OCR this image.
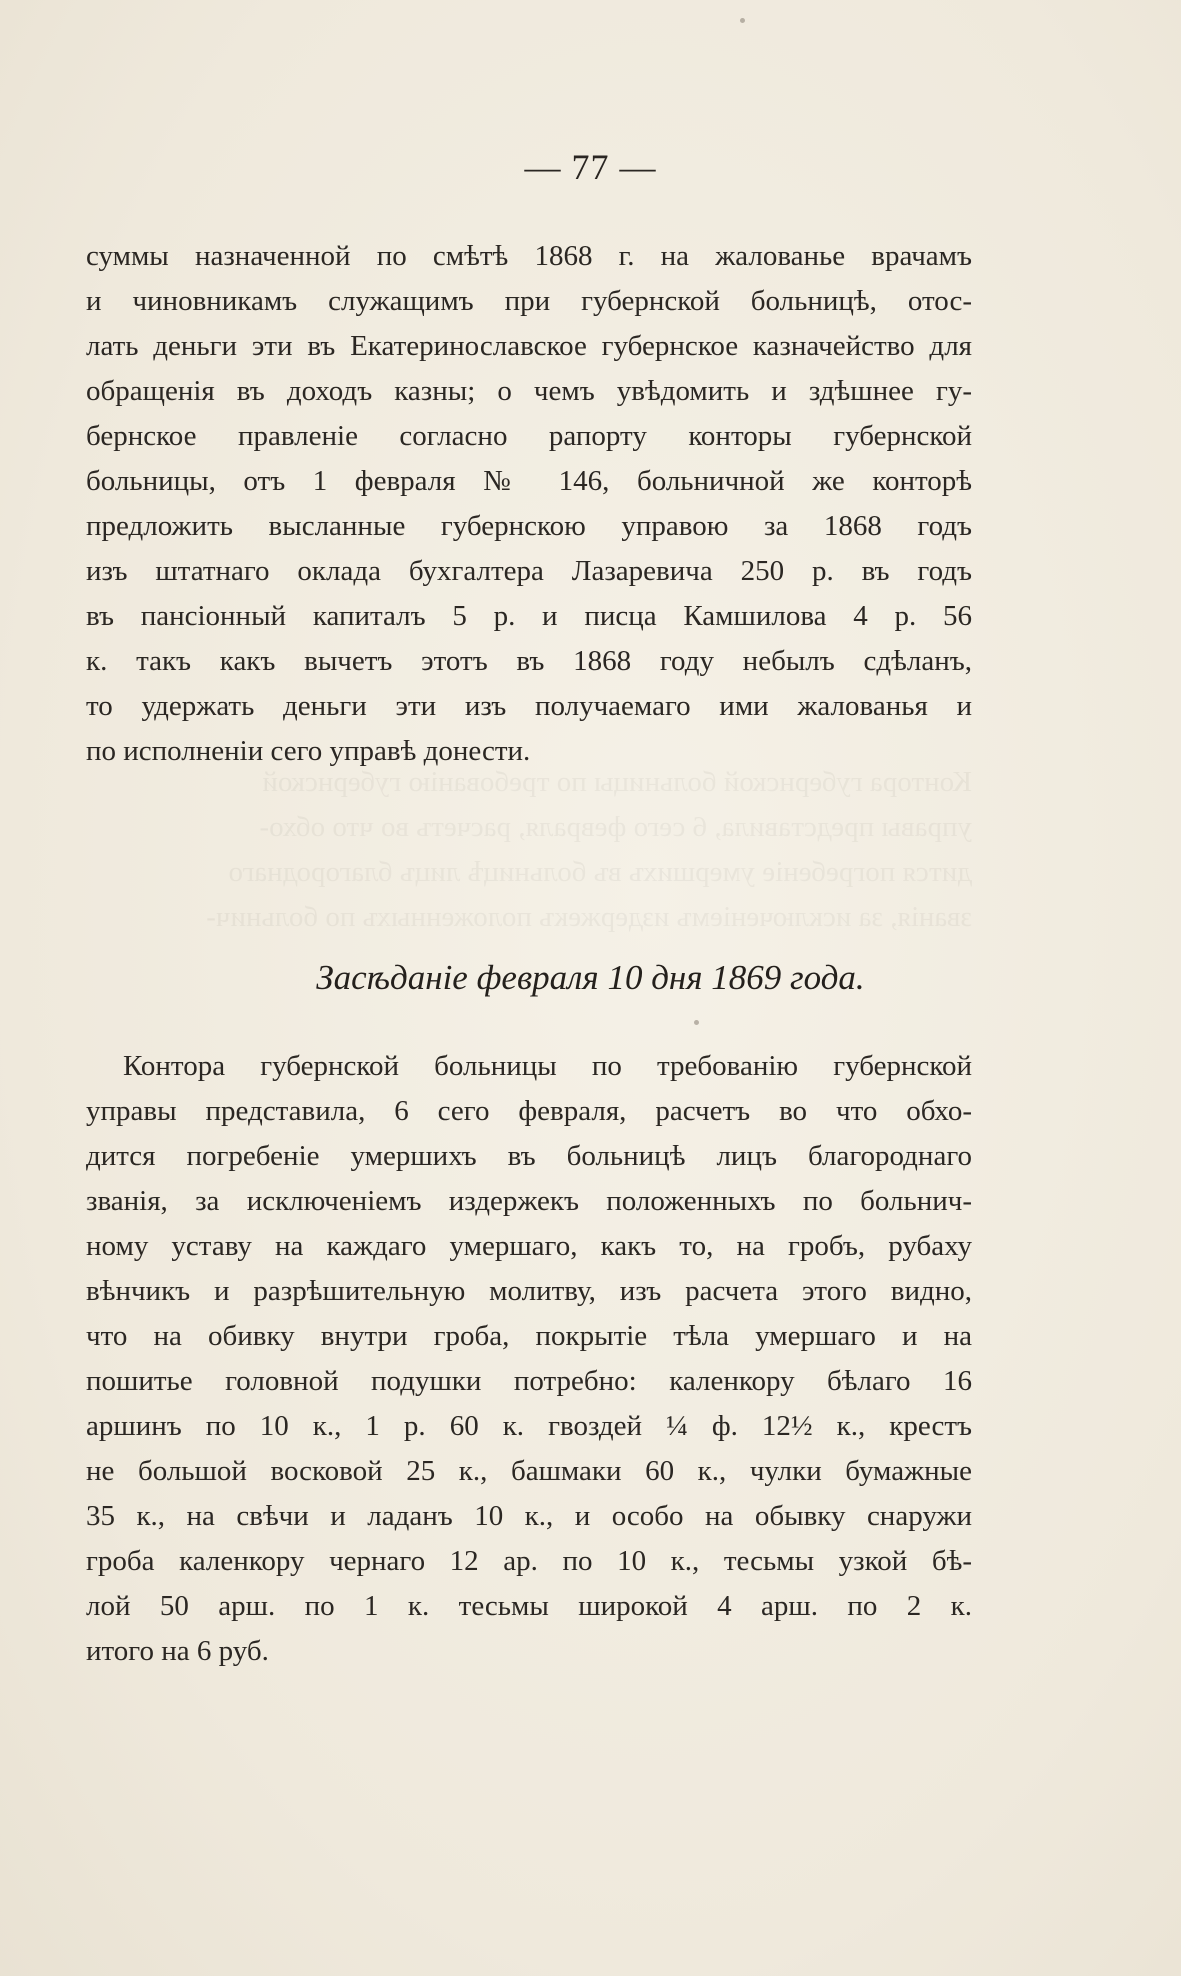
Контора губернской больницы по требованію губернской
управы представила, 6 сего февраля, расчетъ во что обхо-
дится погребеніе умершихъ въ больницѣ лицъ благороднаго
званія, за исключеніемъ издержекъ положенныхъ по больнич-
— 77 —
суммы назначенной по смѣтѣ 1868 г. на жалованье врачамъ
и чиновникамъ служащимъ при губернской больницѣ, отос-
лать деньги эти въ Екатеринославское губернское казначейство для
обращенія въ доходъ казны; о чемъ увѣдомить и здѣшнее гу-
бернское правленіе согласно рапорту конторы губернской
больницы, отъ 1 февраля № 146, больничной же конторѣ
предложить высланные губернскою управою за 1868 годъ
изъ штатнаго оклада бухгалтера Лазаревича 250 р. въ годъ
въ пансіонный капиталъ 5 р. и писца Камшилова 4 р. 56
к. такъ какъ вычетъ этотъ въ 1868 году небылъ сдѣланъ,
то удержать деньги эти изъ получаемаго ими жалованья и
по исполненіи сего управѣ донести.
Засѣданіе февраля 10 дня 1869 года.
Контора губернской больницы по требованію губернской
управы представила, 6 сего февраля, расчетъ во что обхо-
дится погребеніе умершихъ въ больницѣ лицъ благороднаго
званія, за исключеніемъ издержекъ положенныхъ по больнич-
ному уставу на каждаго умершаго, какъ то, на гробъ, рубаху
вѣнчикъ и разрѣшительную молитву, изъ расчета этого видно,
что на обивку внутри гроба, покрытіе тѣла умершаго и на
пошитье головной подушки потребно: каленкору бѣлаго 16
аршинъ по 10 к., 1 р. 60 к. гвоздей ¼ ф. 12½ к., крестъ
не большой восковой 25 к., башмаки 60 к., чулки бумажные
35 к., на свѣчи и ладанъ 10 к., и особо на обывку снаружи
гроба каленкору чернаго 12 ар. по 10 к., тесьмы узкой бѣ-
лой 50 арш. по 1 к. тесьмы широкой 4 арш. по 2 к.
итого на 6 руб.
